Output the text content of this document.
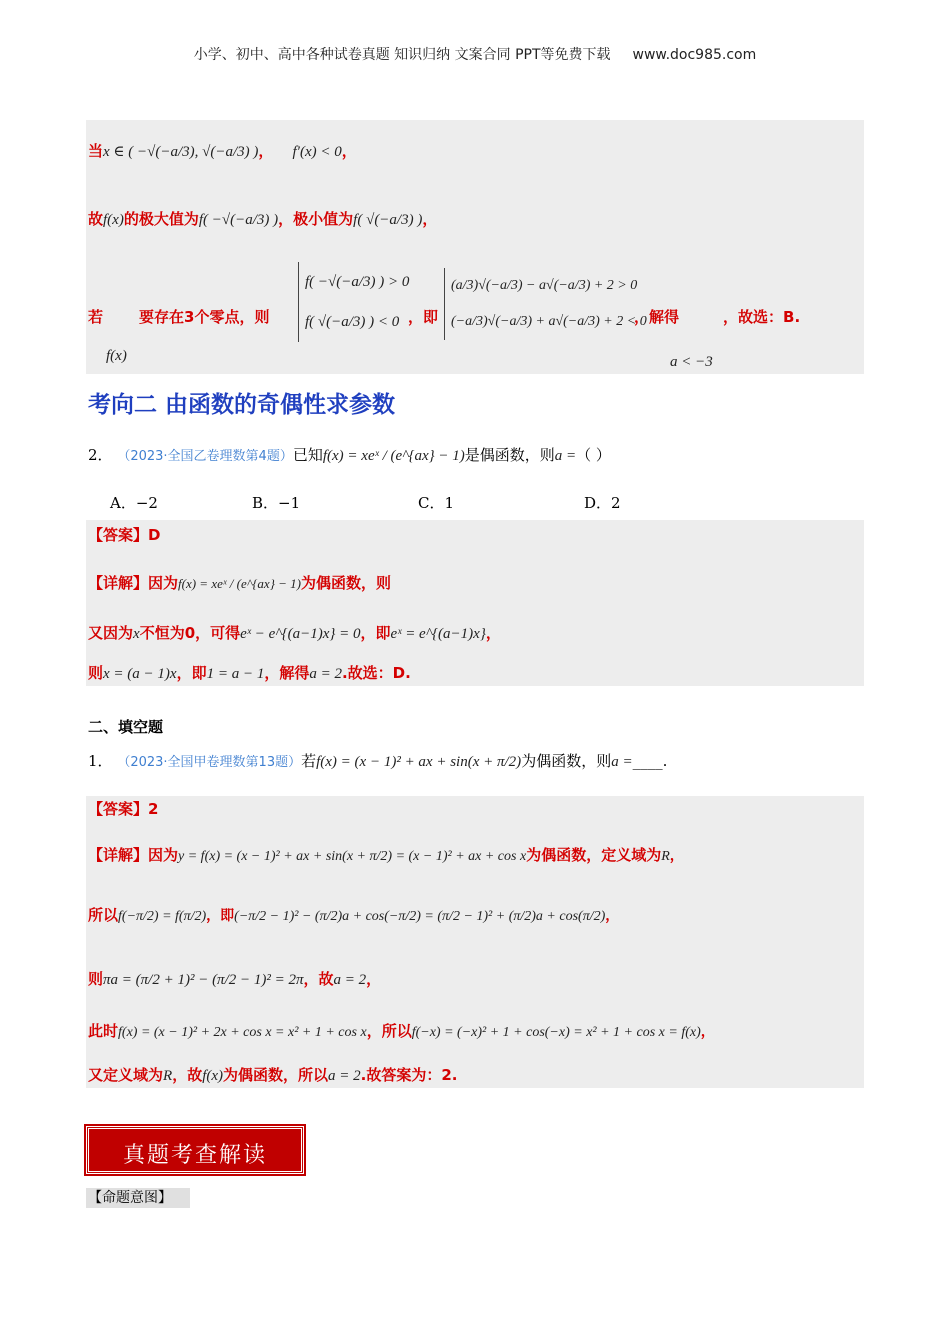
小学、初中、高中各种试卷真题 知识归纳 文案合同 PPT等免费下载 www.doc985.com
当x ∈ ( −√(−a/3), √(−a/3) )， f′(x) < 0，
故f(x)的极大值为f( −√(−a/3) )，极小值为f( √(−a/3) )，
若 要存在3个零点，则
f( −√(−a/3) ) > 0
f( √(−a/3) ) < 0 ，即
(a/3)√(−a/3) − a√(−a/3) + 2 > 0
(−a/3)√(−a/3) + a√(−a/3) + 2 < 0
，解得	，故选：B.
f(x)	a < −3
考向二 由函数的奇偶性求参数
2． （2023·全国乙卷理数第4题）已知f(x) = xeˣ / (e^{ax} − 1)是偶函数，则a =（ ）
A．−2	B．−1	C．1	D．2
【答案】D
【详解】因为f(x) = xeˣ / (e^{ax} − 1)为偶函数，则
又因为x不恒为0，可得eˣ − e^{(a−1)x} = 0，即eˣ = e^{(a−1)x}，
则x = (a − 1)x，即1 = a − 1，解得a = 2.故选：D.
二、填空题
1． （2023·全国甲卷理数第13题）若f(x) = (x − 1)² + ax + sin(x + π/2)为偶函数，则a =____.
【答案】2
【详解】因为y = f(x) = (x − 1)² + ax + sin(x + π/2) = (x − 1)² + ax + cos x为偶函数，定义域为R，
所以f(−π/2) = f(π/2)，即(−π/2 − 1)² − (π/2)a + cos(−π/2) = (π/2 − 1)² + (π/2)a + cos(π/2)，
则πa = (π/2 + 1)² − (π/2 − 1)² = 2π，故a = 2，
此时f(x) = (x − 1)² + 2x + cos x = x² + 1 + cos x，所以f(−x) = (−x)² + 1 + cos(−x) = x² + 1 + cos x = f(x)，
又定义域为R，故f(x)为偶函数，所以a = 2.故答案为：2.
真题考查解读
【命题意图】
